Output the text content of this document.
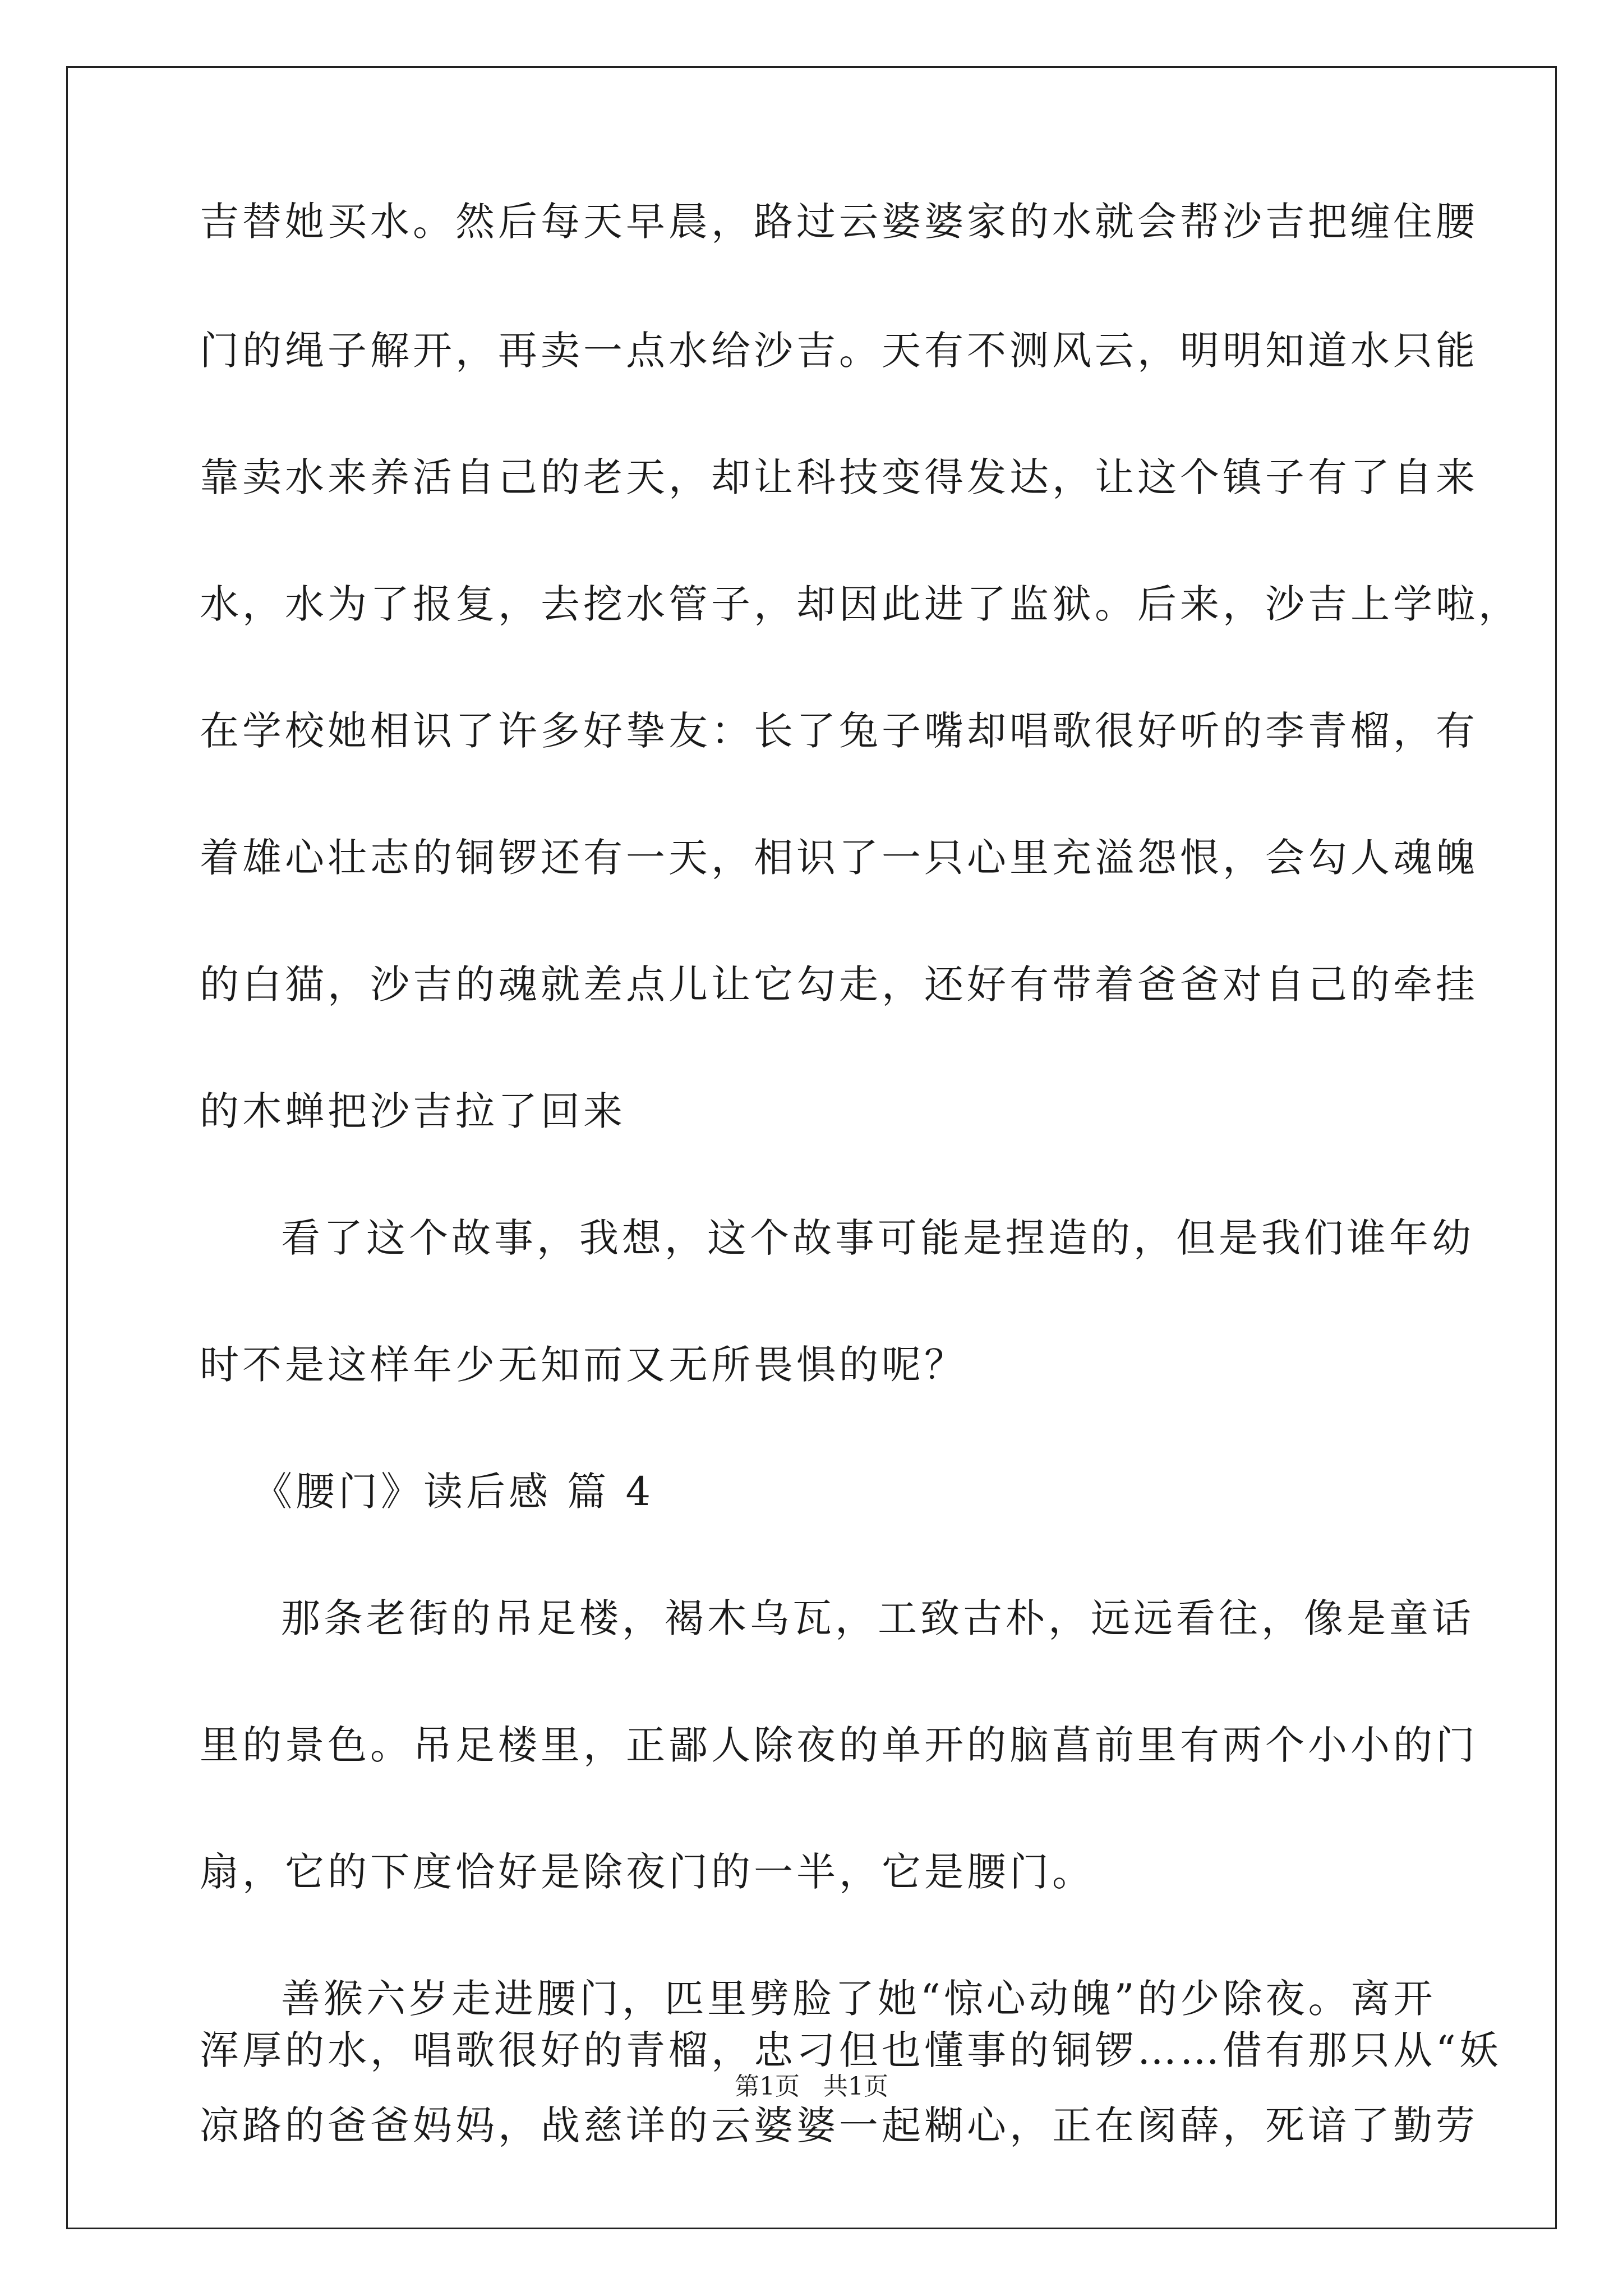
吉替她买水。然后每天早晨，路过云婆婆家的水就会帮沙吉把缠住腰
门的绳子解开，再卖一点水给沙吉。天有不测风云，明明知道水只能
靠卖水来养活自己的老天，却让科技变得发达，让这个镇子有了自来
水，水为了报复，去挖水管子，却因此进了监狱。后来，沙吉上学啦，
在学校她相识了许多好挚友：长了兔子嘴却唱歌很好听的李青榴，有
着雄心壮志的铜锣还有一天，相识了一只心里充溢怨恨，会勾人魂魄
的白猫，沙吉的魂就差点儿让它勾走，还好有带着爸爸对自己的牵挂
的木蝉把沙吉拉了回来
看了这个故事，我想，这个故事可能是捏造的，但是我们谁年幼
时不是这样年少无知而又无所畏惧的呢？
《腰门》读后感 篇 4
那条老街的吊足楼，褐木乌瓦，工致古朴，远远看往，像是童话
里的景色。吊足楼里，正鄙人除夜的单开的脑菖前里有两个小小的门
扇，它的下度恰好是除夜门的一半，它是腰门。
善猴六岁走进腰门，匹里劈脸了她“惊心动魄”的少除夜。离开
凉路的爸爸妈妈，战慈详的云婆婆一起糊心，正在阂薛，死谙了勤劳
浑厚的水，唱歌很好的青榴，忠刁但也懂事的铜锣……借有那只从“妖
第1页   共1页
